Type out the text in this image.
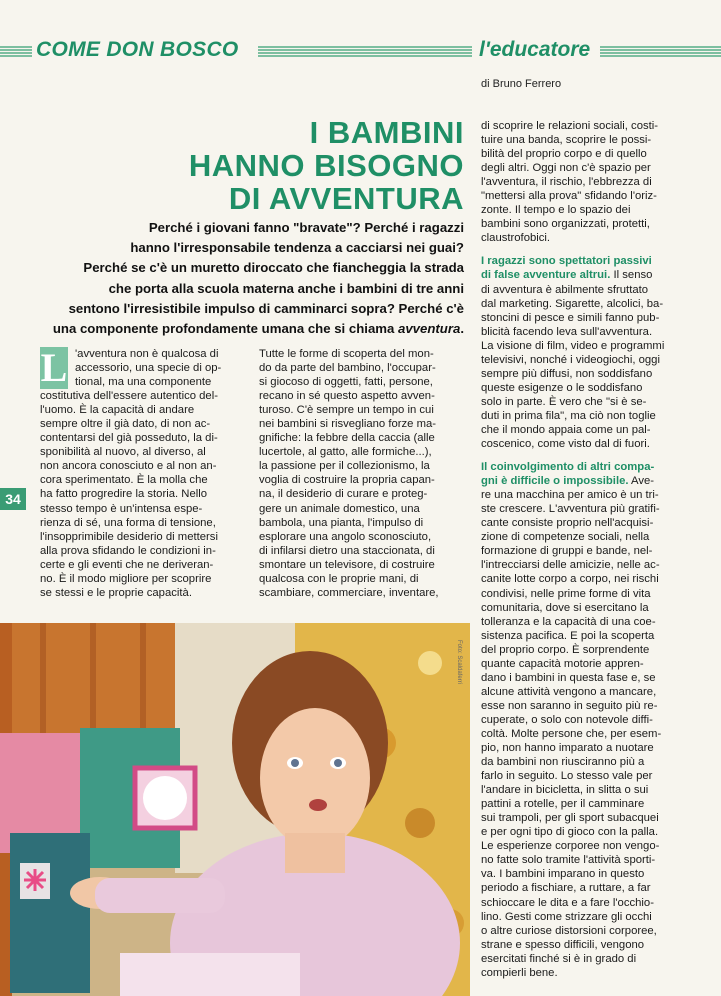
COME DON BOSCO	l'educatore
di Bruno Ferrero
I BAMBINI
HANNO BISOGNO
DI AVVENTURA
Perché i giovani fanno "bravate"? Perché i ragazzi
hanno l'irresponsabile tendenza a cacciarsi nei guai?
Perché se c'è un muretto diroccato che fiancheggia la strada
che porta alla scuola materna anche i bambini di tre anni
sentono l'irresistibile impulso di camminarci sopra? Perché c'è
una componente profondamente umana che si chiama avventura.
L 'avventura non è qualcosa di
accessorio, una specie di op-
tional, ma una componente
costitutiva dell'essere autentico del-
l'uomo. È la capacità di andare
sempre oltre il già dato, di non ac-
contentarsi del già posseduto, la di-
sponibilità al nuovo, al diverso, al
non ancora conosciuto e al non an-
cora sperimentato. È la molla che
ha fatto progredire la storia. Nello
stesso tempo è un'intensa espe-
rienza di sé, una forma di tensione,
l'insopprimibile desiderio di mettersi
alla prova sfidando le condizioni in-
certe e gli eventi che ne deriveran-
no. È il modo migliore per scoprire
se stessi e le proprie capacità.
Tutte le forme di scoperta del mon-
do da parte del bambino, l'occupar-
si giocoso di oggetti, fatti, persone,
recano in sé questo aspetto avven-
turoso. C'è sempre un tempo in cui
nei bambini si risvegliano forze ma-
gnifiche: la febbre della caccia (alle
lucertole, al gatto, alle formiche...),
la passione per il collezionismo, la
voglia di costruire la propria capan-
na, il desiderio di curare e proteg-
gere un animale domestico, una
bambola, una pianta, l'impulso di
esplorare una angolo sconosciuto,
di infilarsi dietro una staccionata, di
smontare un televisore, di costruire
qualcosa con le proprie mani, di
scambiare, commerciare, inventare,
di scoprire le relazioni sociali, costi-
tuire una banda, scoprire le possi-
bilità del proprio corpo e di quello
degli altri. Oggi non c'è spazio per
l'avventura, il rischio, l'ebbrezza di
"mettersi alla prova" sfidando l'oriz-
zonte. Il tempo e lo spazio dei
bambini sono organizzati, protetti,
claustrofobici.
I ragazzi sono spettatori passivi
di false avventure altrui. Il senso
di avventura è abilmente sfruttato
dal marketing. Sigarette, alcolici, ba-
stoncini di pesce e simili fanno pub-
blicità facendo leva sull'avventura.
La visione di film, video e programmi
televisivi, nonché i videogiochi, oggi
sempre più diffusi, non soddisfano
queste esigenze o le soddisfano
solo in parte. È vero che "si è se-
duti in prima fila", ma ciò non toglie
che il mondo appaia come un pal-
coscenico, come visto dal di fuori.
Il coinvolgimento di altri compa-
gni è difficile o impossibile. Ave-
re una macchina per amico è un tri-
ste crescere. L'avventura più gratifi-
cante consiste proprio nell'acquisi-
zione di competenze sociali, nella
formazione di gruppi e bande, nel-
l'intrecciarsi delle amicizie, nelle ac-
canite lotte corpo a corpo, nei rischi
condivisi, nelle prime forme di vita
comunitaria, dove si esercitano la
tolleranza e la capacità di una coe-
sistenza pacifica. E poi la scoperta
del proprio corpo. È sorprendente
quante capacità motorie appren-
dano i bambini in questa fase e, se
alcune attività vengono a mancare,
esse non saranno in seguito più re-
cuperate, o solo con notevole diffi-
coltà. Molte persone che, per esem-
pio, non hanno imparato a nuotare
da bambini non riusciranno più a
farlo in seguito. Lo stesso vale per
l'andare in bicicletta, in slitta o sui
pattini a rotelle, per il camminare
sui trampoli, per gli sport subacquei
e per ogni tipo di gioco con la palla.
Le esperienze corporee non vengo-
no fatte solo tramite l'attività sporti-
va. I bambini imparano in questo
periodo a fischiare, a ruttare, a far
schioccare le dita e a fare l'occhio-
lino. Gesti come strizzare gli occhi
o altre curiose distorsioni corporee,
strane e spesso difficili, vengono
esercitati finché si è in grado di
compierli bene.
34
Foto: Scaldaferri
